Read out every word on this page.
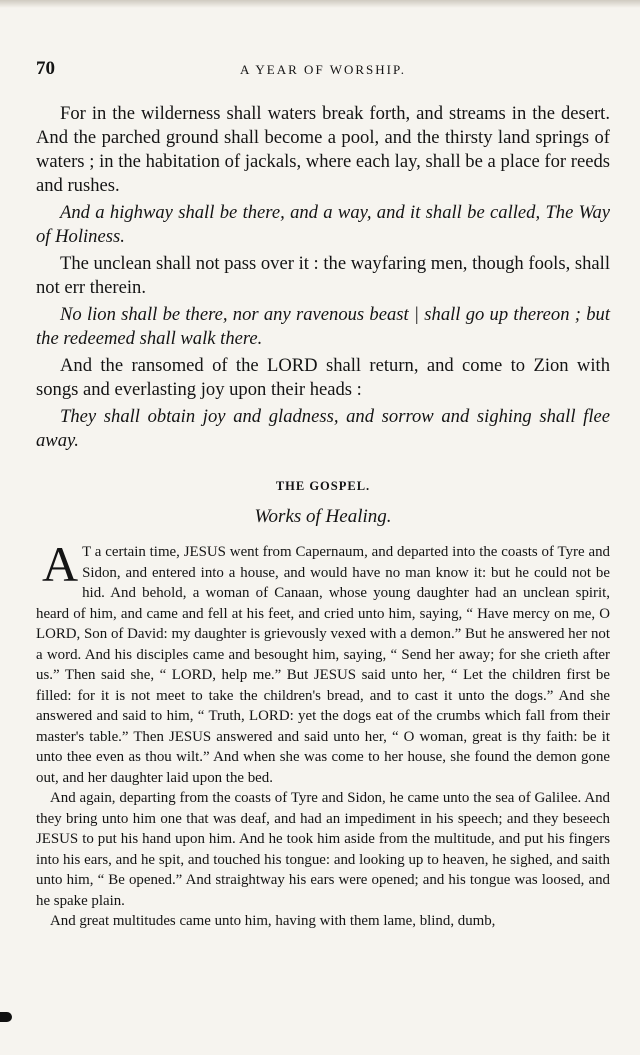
70	A YEAR OF WORSHIP.

For in the wilderness shall waters break forth, and streams in the desert. And the parched ground shall become a pool, and the thirsty land springs of waters ; in the habitation of jackals, where each lay, shall be a place for reeds and rushes.

And a highway shall be there, and a way, and it shall be called, The Way of Holiness.

The unclean shall not pass over it : the wayfaring men, though fools, shall not err therein.

No lion shall be there, nor any ravenous beast | shall go up thereon ; but the redeemed shall walk there.

And the ransomed of the LORD shall return, and come to Zion with songs and everlasting joy upon their heads :

They shall obtain joy and gladness, and sorrow and sighing shall flee away.

THE GOSPEL.
Works of Healing.

A T a certain time, JESUS went from Capernaum, and departed into the coasts of Tyre and Sidon, and entered into a house, and would have no man know it: but he could not be hid. And behold, a woman of Canaan, whose young daughter had an unclean spirit, heard of him, and came and fell at his feet, and cried unto him, saying, “ Have mercy on me, O LORD, Son of David: my daughter is grievously vexed with a demon.” But he answered her not a word. And his disciples came and besought him, saying, “ Send her away; for she crieth after us.” Then said she, “ LORD, help me.” But JESUS said unto her, “ Let the children first be filled: for it is not meet to take the children's bread, and to cast it unto the dogs.” And she answered and said to him, “ Truth, LORD: yet the dogs eat of the crumbs which fall from their master's table.” Then JESUS answered and said unto her, “ O woman, great is thy faith: be it unto thee even as thou wilt.” And when she was come to her house, she found the demon gone out, and her daughter laid upon the bed.

And again, departing from the coasts of Tyre and Sidon, he came unto the sea of Galilee. And they bring unto him one that was deaf, and had an impediment in his speech; and they beseech JESUS to put his hand upon him. And he took him aside from the multitude, and put his fingers into his ears, and he spit, and touched his tongue: and looking up to heaven, he sighed, and saith unto him, “ Be opened.” And straightway his ears were opened; and his tongue was loosed, and he spake plain.

And great multitudes came unto him, having with them lame, blind, dumb,
